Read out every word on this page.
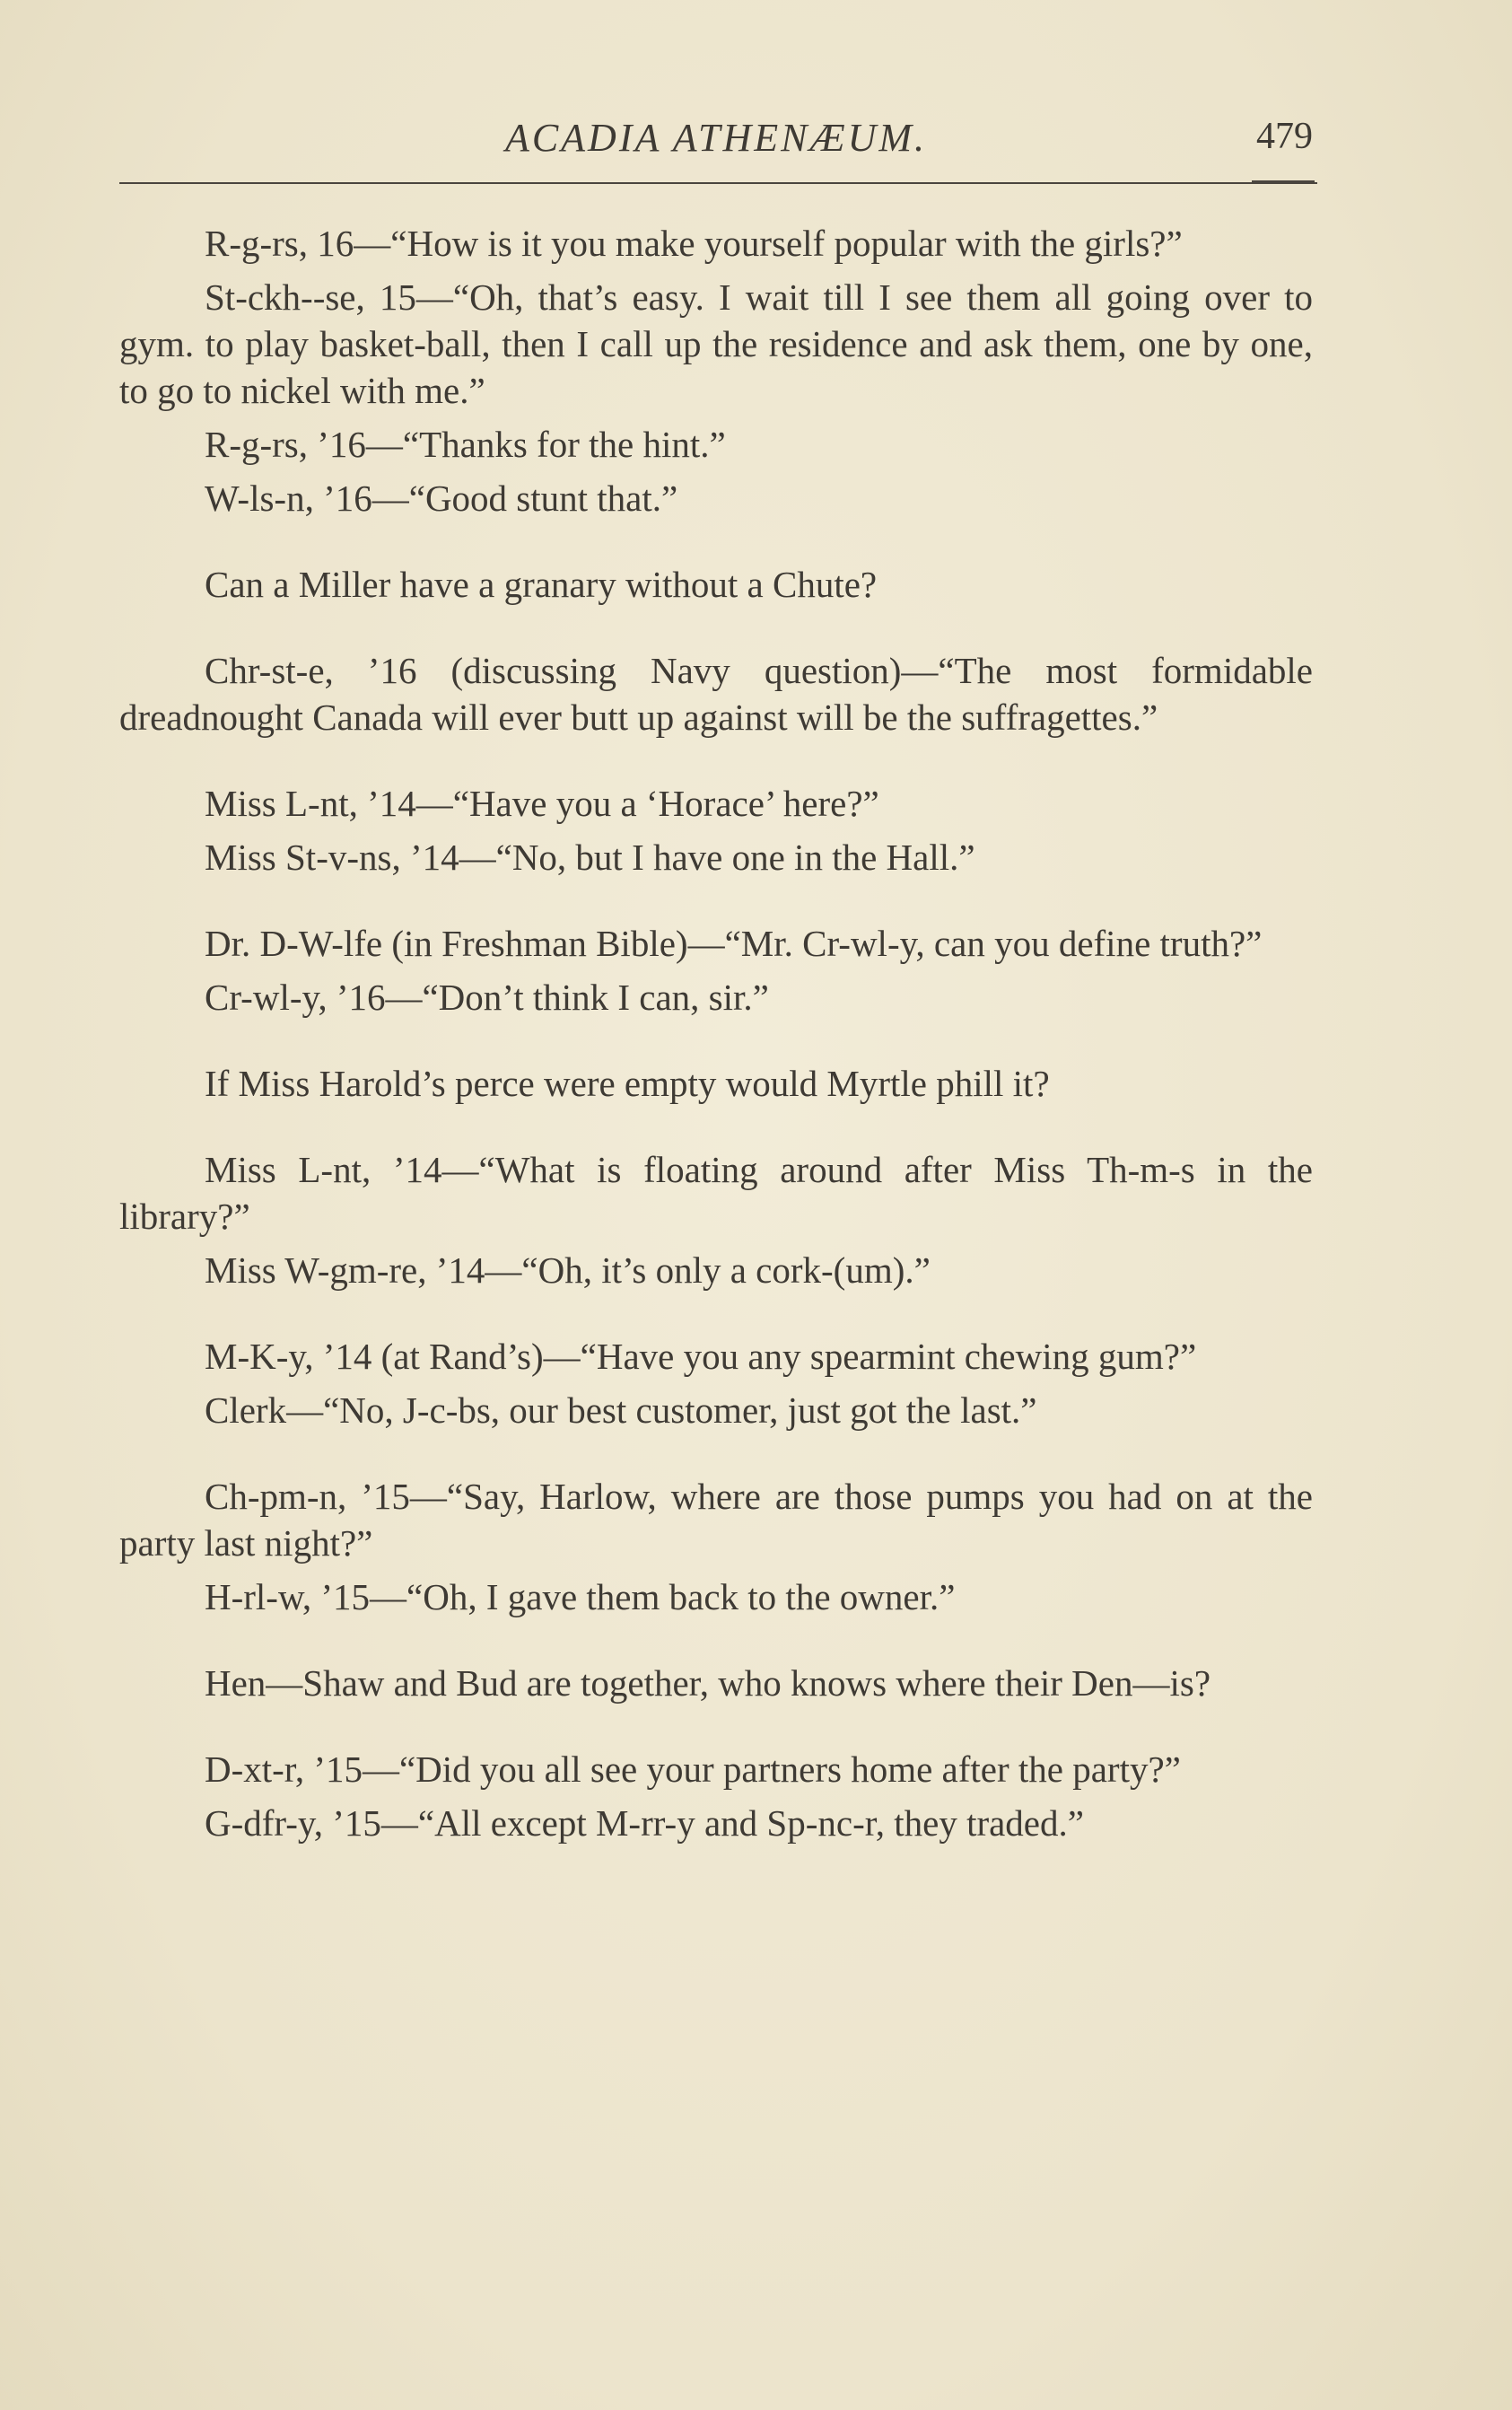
ACADIA ATHENÆUM.	479

R-g-rs, 16—“How is it you make yourself popular with the girls?”

St-ckh--se, 15—“Oh, that’s easy. I wait till I see them all going over to gym. to play basket-ball, then I call up the residence and ask them, one by one, to go to nickel with me.”

R-g-rs, ’16—“Thanks for the hint.”

W-ls-n, ’16—“Good stunt that.”

Can a Miller have a granary without a Chute?

Chr-st-e, ’16 (discussing Navy question)—“The most formidable dreadnought Canada will ever butt up against will be the suffragettes.”

Miss L-nt, ’14—“Have you a ‘Horace’ here?”

Miss St-v-ns, ’14—“No, but I have one in the Hall.”

Dr. D-W-lfe (in Freshman Bible)—“Mr. Cr-wl-y, can you define truth?”

Cr-wl-y, ’16—“Don’t think I can, sir.”

If Miss Harold’s perce were empty would Myrtle phill it?

Miss L-nt, ’14—“What is floating around after Miss Th-m-s in the library?”

Miss W-gm-re, ’14—“Oh, it’s only a cork-(um).”

M-K-y, ’14 (at Rand’s)—“Have you any spearmint chewing gum?”

Clerk—“No, J-c-bs, our best customer, just got the last.”

Ch-pm-n, ’15—“Say, Harlow, where are those pumps you had on at the party last night?”

H-rl-w, ’15—“Oh, I gave them back to the owner.”

Hen—Shaw and Bud are together, who knows where their Den—is?

D-xt-r, ’15—“Did you all see your partners home after the party?”

G-dfr-y, ’15—“All except M-rr-y and Sp-nc-r, they traded.”
